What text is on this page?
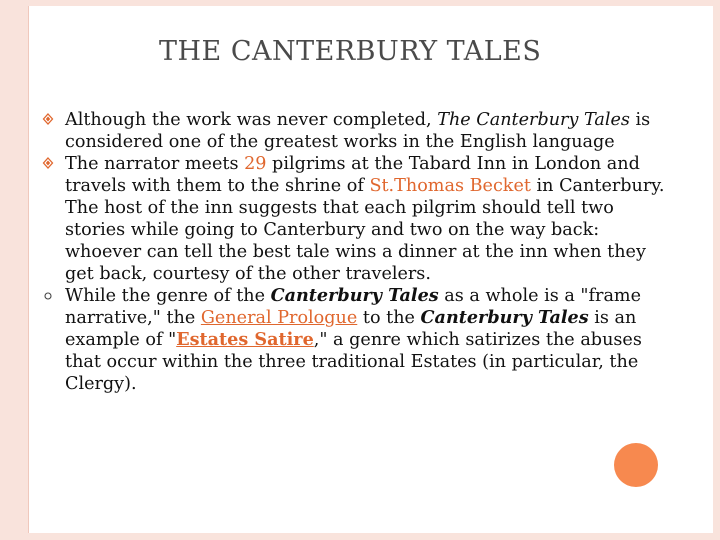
THE CANTERBURY TALES
Although the work was never completed, The Canterbury Tales is considered one of the greatest works in the English language
The narrator meets 29 pilgrims at the Tabard Inn in London and travels with them to the shrine of St.Thomas Becket in Canterbury. The host of the inn suggests that each pilgrim should tell two stories while going to Canterbury and two on the way back: whoever can tell the best tale wins a dinner at the inn when they get back, courtesy of the other travelers.
While the genre of the Canterbury Tales as a whole is a "frame narrative," the General Prologue to the Canterbury Tales is an example of "Estates Satire," a genre which satirizes the abuses that occur within the three traditional Estates (in particular, the Clergy).
